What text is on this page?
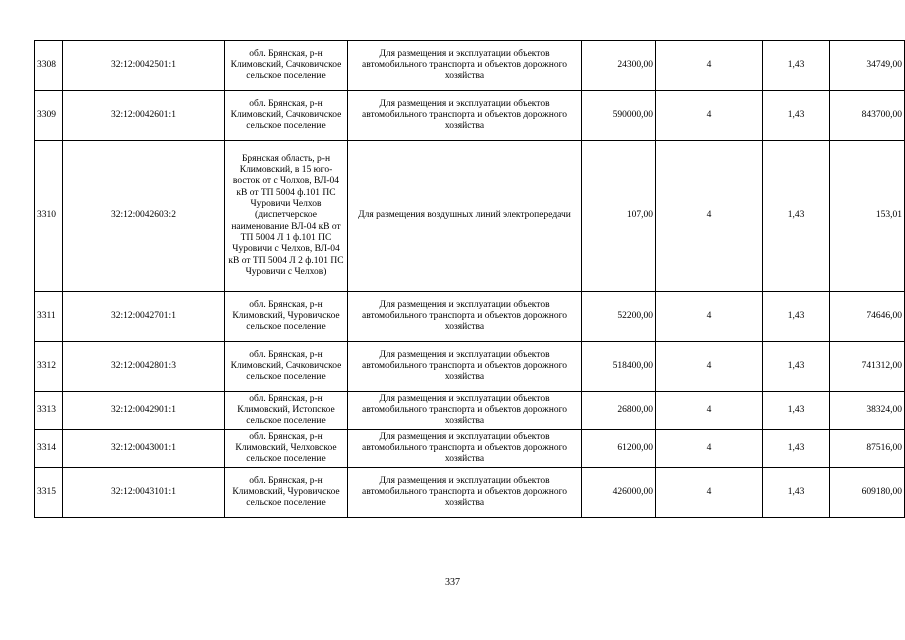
3308	32:12:0042501:1	обл. Брянская, р-н Климовский, Сачковичское сельское поселение	Для размещения и эксплуатации объектов автомобильного транспорта и объектов дорожного хозяйства	24300,00	4	1,43	34749,00
3309	32:12:0042601:1	обл. Брянская, р-н Климовский, Сачковичское сельское поселение	Для размещения и эксплуатации объектов автомобильного транспорта и объектов дорожного хозяйства	590000,00	4	1,43	843700,00
3310	32:12:0042603:2	Брянская область, р-н Климовский, в 15 юго-восток от с Чолхов, ВЛ-04 кВ от ТП 5004 ф.101 ПС Чуровичи Челхов (диспетчерское наименование ВЛ-04 кВ от ТП 5004 Л 1 ф.101 ПС Чуровичи с Челхов, ВЛ-04 кВ от ТП 5004 Л 2 ф.101 ПС Чуровичи с Челхов)	Для размещения воздушных линий электропередачи	107,00	4	1,43	153,01
3311	32:12:0042701:1	обл. Брянская, р-н Климовский, Чуровичское сельское поселение	Для размещения и эксплуатации объектов автомобильного транспорта и объектов дорожного хозяйства	52200,00	4	1,43	74646,00
3312	32:12:0042801:3	обл. Брянская, р-н Климовский, Сачковичское сельское поселение	Для размещения и эксплуатации объектов автомобильного транспорта и объектов дорожного хозяйства	518400,00	4	1,43	741312,00
3313	32:12:0042901:1	обл. Брянская, р-н Климовский, Истопское сельское поселение	Для размещения и эксплуатации объектов автомобильного транспорта и объектов дорожного хозяйства	26800,00	4	1,43	38324,00
3314	32:12:0043001:1	обл. Брянская, р-н Климовский, Челховское сельское поселение	Для размещения и эксплуатации объектов автомобильного транспорта и объектов дорожного хозяйства	61200,00	4	1,43	87516,00
3315	32:12:0043101:1	обл. Брянская, р-н Климовский, Чуровичское сельское поселение	Для размещения и эксплуатации объектов автомобильного транспорта и объектов дорожного хозяйства	426000,00	4	1,43	609180,00
337
